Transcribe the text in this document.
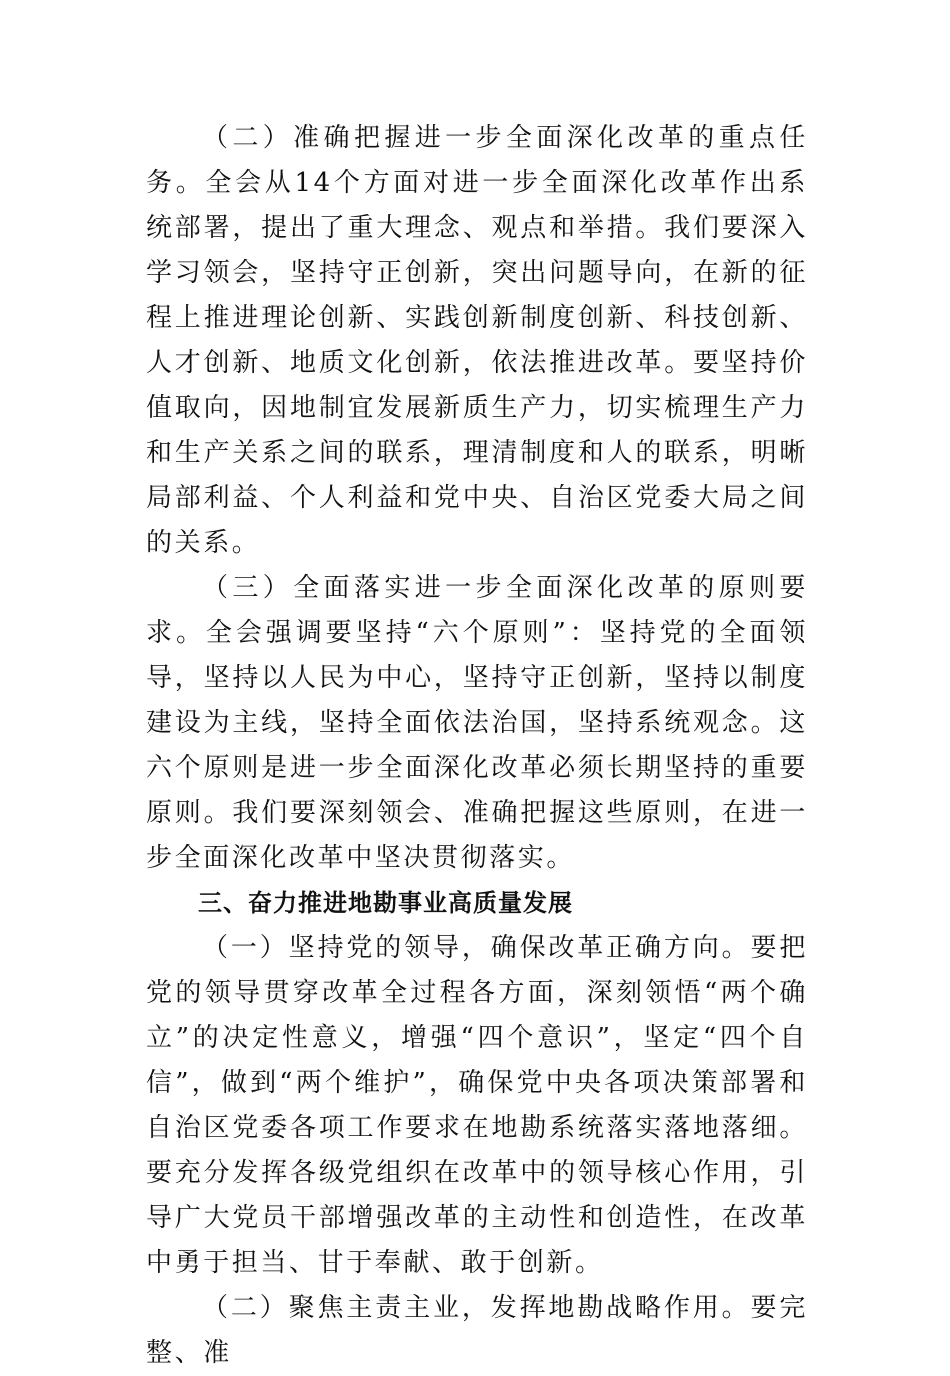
（二）准确把握进一步全面深化改革的重点任务。全会从14个方面对进一步全面深化改革作出系统部署，提出了重大理念、观点和举措。我们要深入学习领会，坚持守正创新，突出问题导向，在新的征程上推进理论创新、实践创新制度创新、科技创新、人才创新、地质文化创新，依法推进改革。要坚持价值取向，因地制宜发展新质生产力，切实梳理生产力和生产关系之间的联系，理清制度和人的联系，明晰局部利益、个人利益和党中央、自治区党委大局之间的关系。

（三）全面落实进一步全面深化改革的原则要求。全会强调要坚持“六个原则”：坚持党的全面领导，坚持以人民为中心，坚持守正创新，坚持以制度建设为主线，坚持全面依法治国，坚持系统观念。这六个原则是进一步全面深化改革必须长期坚持的重要原则。我们要深刻领会、准确把握这些原则，在进一步全面深化改革中坚决贯彻落实。

三、奋力推进地勘事业高质量发展

（一）坚持党的领导，确保改革正确方向。要把党的领导贯穿改革全过程各方面，深刻领悟“两个确立”的决定性意义，增强“四个意识”，坚定“四个自信”，做到“两个维护”，确保党中央各项决策部署和自治区党委各项工作要求在地勘系统落实落地落细。要充分发挥各级党组织在改革中的领导核心作用，引导广大党员干部增强改革的主动性和创造性，在改革中勇于担当、甘于奉献、敢于创新。

（二）聚焦主责主业，发挥地勘战略作用。要完整、准
